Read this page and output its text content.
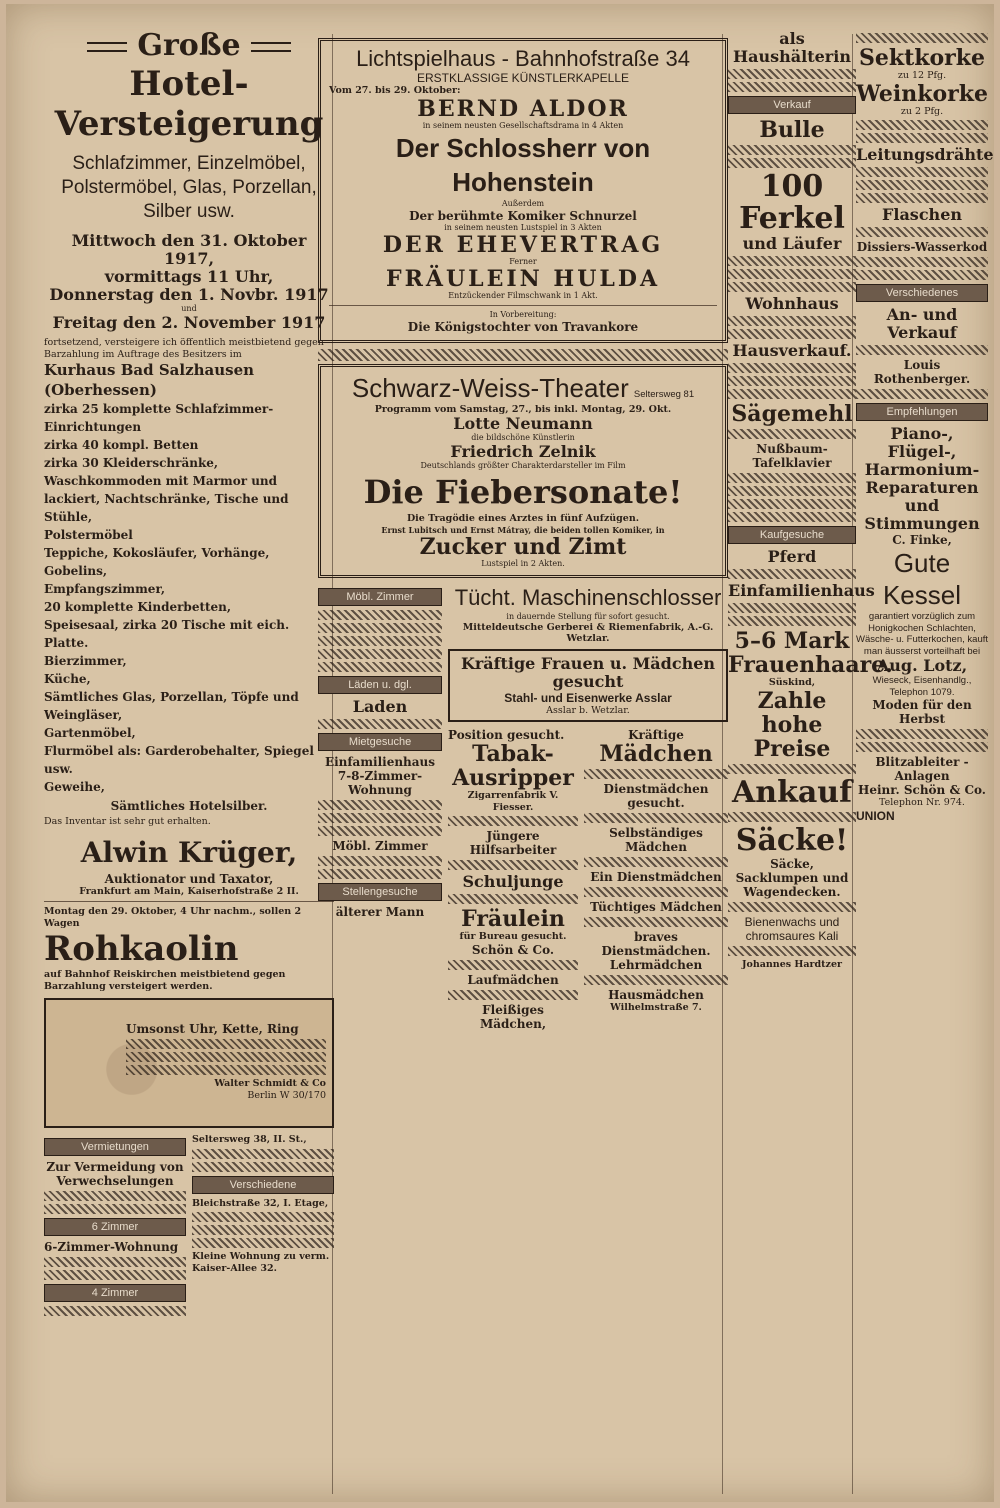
Große
Hotel-Versteigerung
Schlafzimmer, Einzelmöbel, Polstermöbel, Glas, Porzellan, Silber usw.
Mittwoch den 31. Oktober 1917,
vormittags 11 Uhr,
Donnerstag den 1. Novbr. 1917
und
Freitag den 2. November 1917
fortsetzend, versteigere ich öffentlich meistbietend gegen Barzahlung im Auftrage des Besitzers im
Kurhaus Bad Salzhausen (Oberhessen)
zirka 25 komplette Schlafzimmer-Einrichtungen
zirka 40 kompl. Betten
zirka 30 Kleiderschränke,
Waschkommoden mit Marmor und lackiert, Nachtschränke, Tische und Stühle,
Polstermöbel
Teppiche, Kokosläufer, Vorhänge, Gobelins,
Empfangszimmer,
20 komplette Kinderbetten,
Speisesaal, zirka 20 Tische mit eich. Platte.
Bierzimmer,
Küche,
Sämtliches Glas, Porzellan, Töpfe und Weingläser,
Gartenmöbel,
Flurmöbel als: Garderobehalter, Spiegel usw.
Geweihe,
Sämtliches Hotelsilber.
Das Inventar ist sehr gut erhalten.
Alwin Krüger,
Auktionator und Taxator,
Frankfurt am Main, Kaiserhofstraße 2 II.
Montag den 29. Oktober, 4 Uhr nachm., sollen 2 Wagen
Rohkaolin
auf Bahnhof Reiskirchen meistbietend gegen Barzahlung versteigert werden.
Umsonst Uhr, Kette, Ring
Walter Schmidt & Co
Berlin W 30/170
Vermietungen
Zur Vermeidung von Verwechselungen
6 Zimmer
6-Zimmer-Wohnung
4 Zimmer
Seltersweg 38, II. St.,
Verschiedene
Bleichstraße 32, I. Etage,
Kleine Wohnung zu verm. Kaiser-Allee 32.
Lichtspielhaus - Bahnhofstraße 34
ERSTKLASSIGE KÜNSTLERKAPELLE
Vom 27. bis 29. Oktober:
BERND ALDOR
in seinem neusten Gesellschaftsdrama in 4 Akten
Der Schlossherr von Hohenstein
Außerdem
Der berühmte Komiker Schnurzel
in seinem neusten Lustspiel in 3 Akten
DER EHEVERTRAG
Ferner
FRÄULEIN HULDA
Entzückender Filmschwank in 1 Akt.
In Vorbereitung:
Die Königstochter von Travankore
Schwarz-Weiss-Theater Seltersweg 81
Programm vom Samstag, 27., bis inkl. Montag, 29. Okt.
Lotte Neumann
die bildschöne Künstlerin
Friedrich Zelnik
Deutschlands größter Charakterdarsteller im Film
Die Fiebersonate!
Die Tragödie eines Arztes in fünf Aufzügen.
Ernst Lubitsch und Ernst Mátray, die beiden tollen Komiker, in
Zucker und Zimt
Lustspiel in 2 Akten.
Möbl. Zimmer
Läden u. dgl.
Laden
Mietgesuche
Einfamilienhaus
7-8-Zimmer-Wohnung
Möbl. Zimmer
Stellengesuche
älterer Mann
Tücht. Maschinenschlosser
in dauernde Stellung für sofort gesucht.
Mitteldeutsche Gerberei & Riemenfabrik, A.-G.
Wetzlar.
Kräftige Frauen u. Mädchen gesucht
Stahl- und Eisenwerke Asslar
Asslar b. Wetzlar.
Position gesucht.
Tabak-
Ausripper
Zigarrenfabrik V. Fiesser.
Jüngere Hilfsarbeiter
Schuljunge
Fräulein
für Bureau gesucht.
Schön & Co.
Laufmädchen
Fleißiges Mädchen,
Kräftige
Mädchen
Dienstmädchen gesucht.
Selbständiges Mädchen
Ein Dienstmädchen
Tüchtiges Mädchen
braves Dienstmädchen.
Lehrmädchen
Hausmädchen
Wilhelmstraße 7.
als Haushälterin
Verkauf
Bulle
100 Ferkel
und Läufer
Wohnhaus
Hausverkauf.
Sägemehl
Nußbaum-Tafelklavier
Kaufgesuche
Pferd
Einfamilienhaus
5–6 Mark
Frauenhaare.
Süskind,
Zahle hohe Preise
Ankauf
Säcke!
Säcke, Sacklumpen und Wagendecken.
Bienenwachs und chromsaures Kali
Johannes Hardtzer
Sektkorke
zu 12 Pfg.
Weinkorke
zu 2 Pfg.
Leitungsdrähte
Flaschen
Dissiers-Wasserkod
Verschiedenes
An- und Verkauf
Louis Rothenberger.
Empfehlungen
Piano-, Flügel-, Harmonium-
Reparaturen und Stimmungen
C. Finke,
Gute Kessel
garantiert vorzüglich zum Honigkochen Schlachten, Wäsche- u. Futterkochen, kauft man äusserst vorteilhaft bei
Aug. Lotz,
Wieseck, Eisenhandlg., Telephon 1079.
Moden für den Herbst
Blitzableiter - Anlagen
Heinr. Schön & Co.
Telephon Nr. 974.
UNION
